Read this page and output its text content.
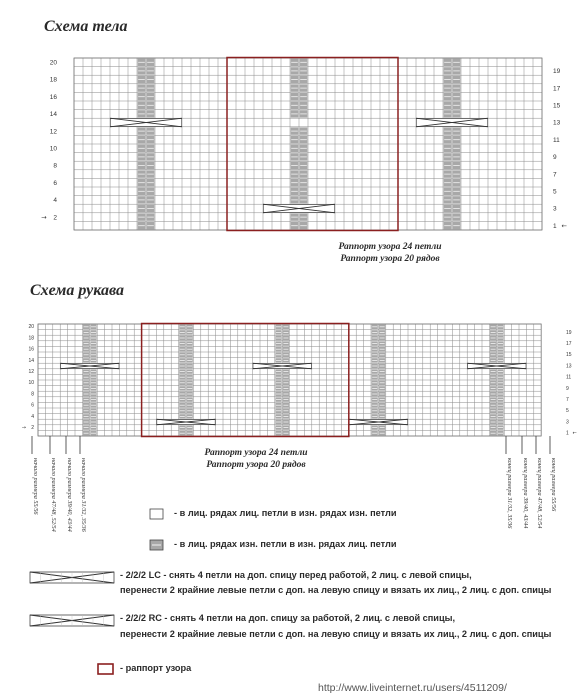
Схема тела
Схема рукава
20
18
16
14
12
10
8
6
4
2
19
17
15
13
11
9
7
5
3
1
→
←
20
18
16
14
12
10
8
6
4
2
19
17
15
13
11
9
7
5
3
1
→
←
начало размера 55/56 начало размера 47/48, 52/54 начало размера 39/40, 43/44 начало размера 31/32, 35/36	конец размера 31/32, 35/36 конец размера 39/40, 43/44 конец размера 47/48, 52/54 конец размера 55/56
Раппорт узора 24 петли
Раппорт узора 20 рядов
Раппорт узора 24 петли
Раппорт узора 20 рядов
- в лиц. рядах лиц. петли в изн. рядах изн. петли
- в лиц. рядах изн. петли в изн. рядах лиц. петли
- 2/2/2 LC - снять 4 петли на доп. спицу перед работой, 2 лиц. с левой спицы,
перенести 2 крайние левые петли с доп. на левую спицу и вязать их лиц., 2 лиц. с доп. спицы
- 2/2/2 RC - снять 4 петли на доп. спицу за работой, 2 лиц. с левой спицы,
перенести 2 крайние левые петли с доп. на левую спицу и вязать их лиц., 2 лиц. с доп. спицы
- раппорт узора
http://www.liveinternet.ru/users/4511209/
